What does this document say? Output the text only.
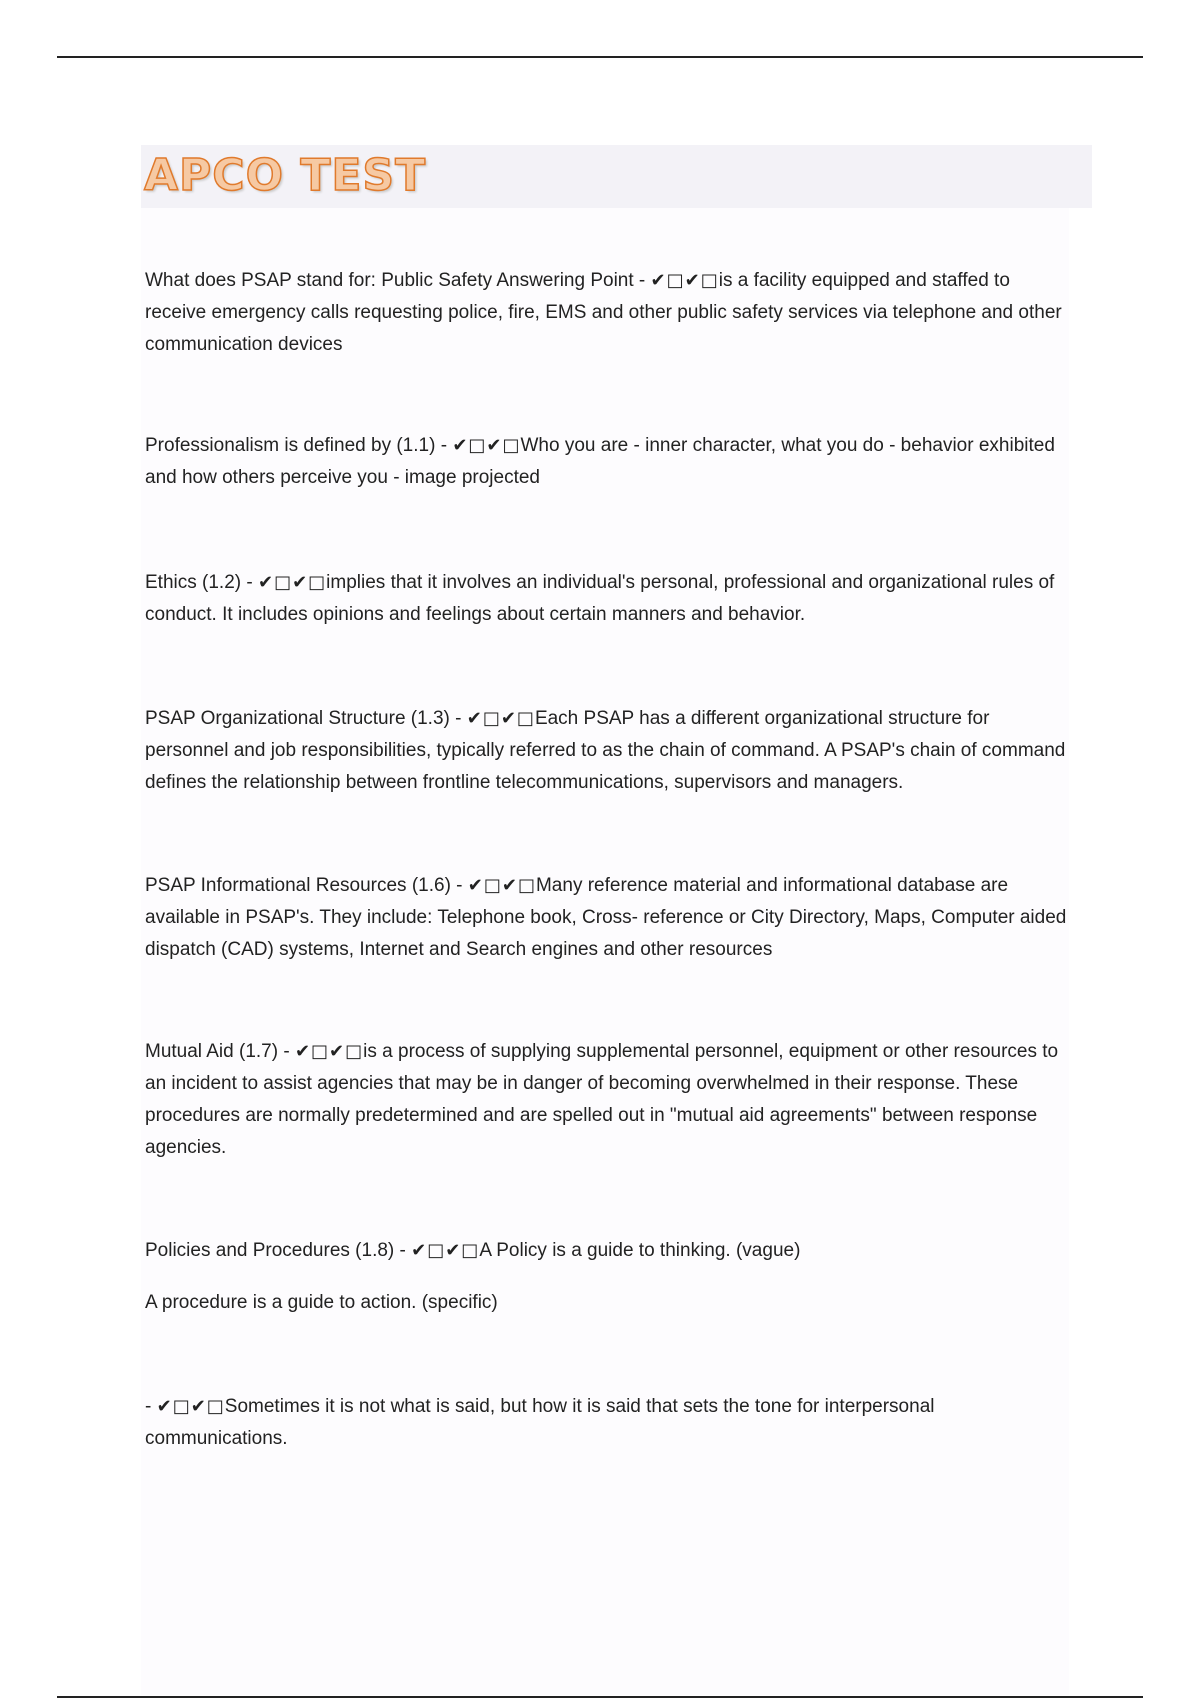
APCO TEST

What does PSAP stand for: Public Safety Answering Point - ✔□✔□is a facility equipped and staffed to receive emergency calls requesting police, fire, EMS and other public safety services via telephone and other communication devices

Professionalism is defined by (1.1) - ✔□✔□Who you are - inner character, what you do - behavior exhibited and how others perceive you - image projected

Ethics (1.2) - ✔□✔□implies that it involves an individual's personal, professional and organizational rules of conduct. It includes opinions and feelings about certain manners and behavior.

PSAP Organizational Structure (1.3) - ✔□✔□Each PSAP has a different organizational structure for personnel and job responsibilities, typically referred to as the chain of command. A PSAP's chain of command defines the relationship between frontline telecommunications, supervisors and managers.

PSAP Informational Resources (1.6) - ✔□✔□Many reference material and informational database are available in PSAP's. They include: Telephone book, Cross- reference or City Directory, Maps, Computer aided dispatch (CAD) systems, Internet and Search engines and other resources

Mutual Aid (1.7) - ✔□✔□is a process of supplying supplemental personnel, equipment or other resources to an incident to assist agencies that may be in danger of becoming overwhelmed in their response. These procedures are normally predetermined and are spelled out in "mutual aid agreements" between response agencies.

Policies and Procedures (1.8) - ✔□✔□A Policy is a guide to thinking. (vague)

A procedure is a guide to action. (specific)

- ✔□✔□Sometimes it is not what is said, but how it is said that sets the tone for interpersonal communications.
